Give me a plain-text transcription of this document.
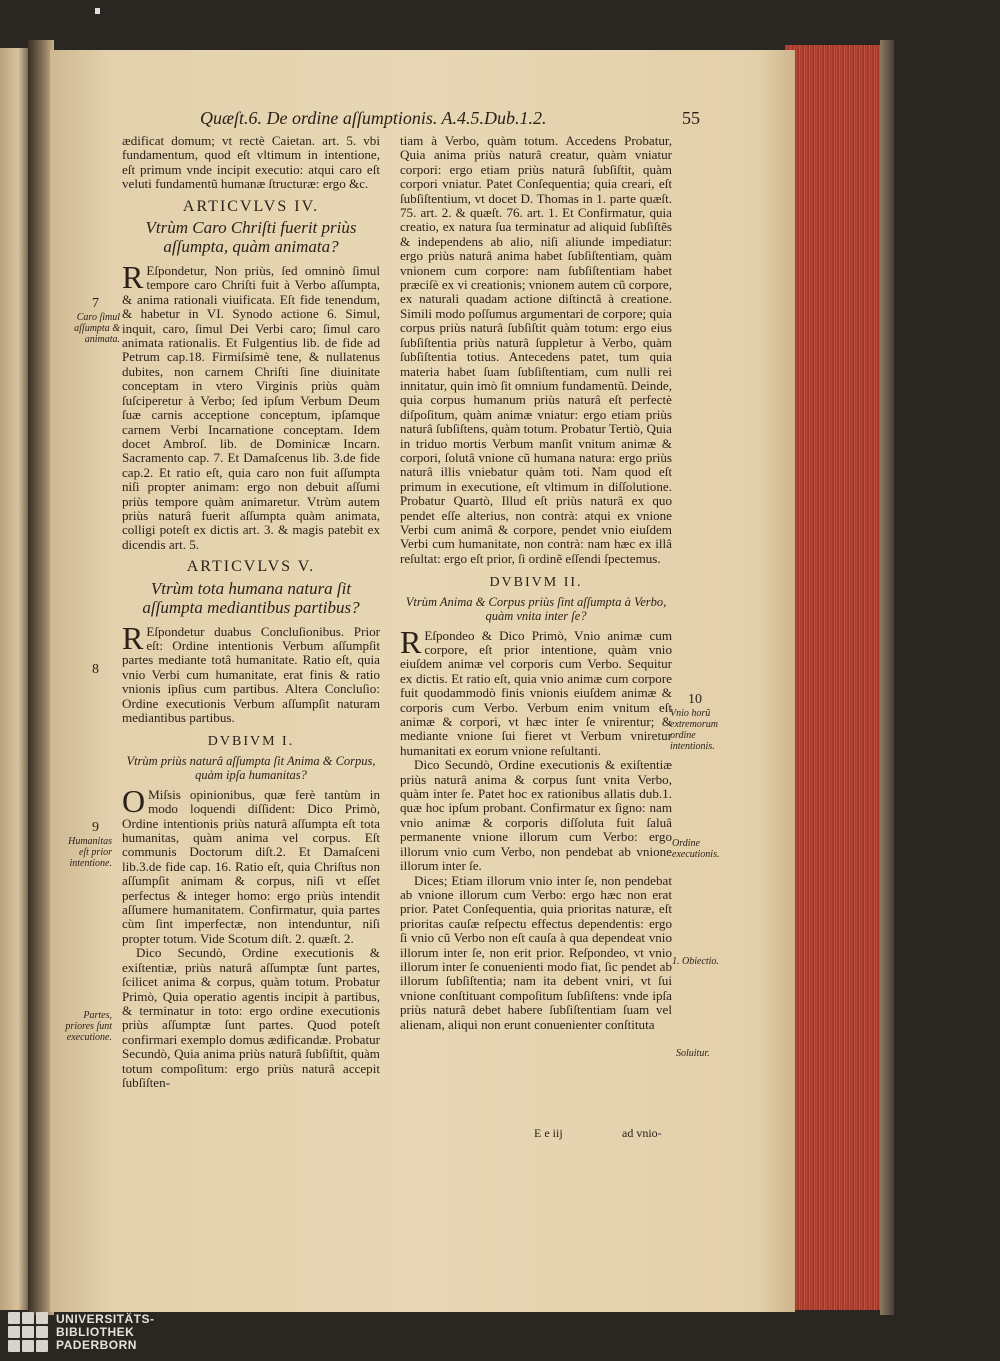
Quæſt.6. De ordine aſſumptionis. A.4.5.Dub.1.2.	55

ædificat domum; vt rectè Caietan. art. 5. vbi fundamentum, quod eſt vltimum in intentione, eſt primum vnde incipit executio: atqui caro eſt veluti fundamentũ humanæ ſtructuræ: ergo &c.

ARTICVLVS IV.
Vtrùm Caro Chriſti fuerit priùs aſſumpta, quàm animata?

REſpondetur, Non priùs, ſed omninò ſimul tempore caro Chriſti fuit à Verbo aſſumpta, & anima rationali viuificata. Eſt fide tenendum, & habetur in VI. Synodo actione 6. Simul, inquit, caro, ſimul Dei Verbi caro; ſimul caro animata rationalis. Et Fulgentius lib. de fide ad Petrum cap.18. Firmiſsimè tene, & nullatenus dubites, non carnem Chriſti ſine diuinitate conceptam in vtero Virginis priùs quàm ſuſciperetur à Verbo; ſed ipſum Verbum Deum ſuæ carnis acceptione conceptum, ipſamque carnem Verbi Incarnatione conceptam. Idem docet Ambroſ. lib. de Dominicæ Incarn. Sacramento cap. 7. Et Damaſcenus lib. 3.de fide cap.2. Et ratio eſt, quia caro non fuit aſſumpta niſi propter animam: ergo non debuit aſſumi priùs tempore quàm animaretur. Vtrùm autem priùs naturâ fuerit aſſumpta quàm animata, colligi poteſt ex dictis art. 3. & magis patebit ex dicendis art. 5.

ARTICVLVS V.
Vtrùm tota humana natura ſit aſſumpta mediantibus partibus?

REſpondetur duabus Concluſionibus. Prior eſt: Ordine intentionis Verbum aſſumpſit partes mediante totâ humanitate. Ratio eſt, quia vnio Verbi cum humanitate, erat finis & ratio vnionis ipſius cum partibus. Altera Concluſio: Ordine executionis Verbum aſſumpſit naturam mediantibus partibus.

DVBIVM I.
Vtrùm priùs naturâ aſſumpta ſit Anima & Corpus, quàm ipſa humanitas?

OMiſsis opinionibus, quæ ferè tantùm in modo loquendi diſſident: Dico Primò, Ordine intentionis priùs naturâ aſſumpta eſt tota humanitas, quàm anima vel corpus. Eſt communis Doctorum diſt.2. Et Damaſceni lib.3.de fide cap. 16. Ratio eſt, quia Chriſtus non aſſumpſit animam & corpus, niſi vt eſſet perfectus & integer homo: ergo priùs intendit aſſumere humanitatem. Confirmatur, quia partes cùm ſint imperfectæ, non intenduntur, niſi propter totum. Vide Scotum diſt. 2. quæſt. 2.

Dico Secundò, Ordine executionis & exiſtentiæ, priùs naturâ aſſumptæ ſunt partes, ſcilicet anima & corpus, quàm totum. Probatur Primò, Quia operatio agentis incipit à partibus, & terminatur in toto: ergo ordine executionis priùs aſſumptæ ſunt partes. Quod poteſt confirmari exemplo domus ædificandæ. Probatur Secundò, Quia anima priùs naturâ ſubſiſtit, quàm totum compoſitum: ergo priùs naturâ accepit ſubſiſten-

tiam à Verbo, quàm totum. Accedens Probatur, Quia anima priùs naturâ creatur, quàm vniatur corpori: ergo etiam priùs naturâ ſubſiſtit, quàm corpori vniatur. Patet Conſequentia; quia creari, eſt ſubſiſtentium, vt docet D. Thomas in 1. parte quæſt. 75. art. 2. & quæſt. 76. art. 1. Et Confirmatur, quia creatio, ex natura ſua terminatur ad aliquid ſubſiſtẽs & independens ab alio, niſi aliunde impediatur: ergo priùs naturâ anima habet ſubſiſtentiam, quàm vnionem cum corpore: nam ſubſiſtentiam habet præciſè ex vi creationis; vnionem autem cũ corpore, ex naturali quadam actione diſtinctâ à creatione. Simili modo poſſumus argumentari de corpore; quia corpus priùs naturâ ſubſiſtit quàm totum: ergo eius ſubſiſtentia priùs naturâ ſuppletur à Verbo, quàm ſubſiſtentia totius. Antecedens patet, tum quia materia habet ſuam ſubſiſtentiam, cum nulli rei innitatur, quin imò ſit omnium fundamentũ. Deinde, quia corpus humanum priùs naturâ eſt perfectè diſpoſitum, quàm animæ vniatur: ergo etiam priùs naturâ ſubſiſtens, quàm totum. Probatur Tertiò, Quia in triduo mortis Verbum manſit vnitum animæ & corpori, ſolutâ vnione cũ humana natura: ergo priùs naturâ illis vniebatur quàm toti. Nam quod eſt primum in executione, eſt vltimum in diſſolutione. Probatur Quartò, Illud eſt priùs naturâ ex quo pendet eſſe alterius, non contrà: atqui ex vnione Verbi cum animâ & corpore, pendet vnio eiuſdem Verbi cum humanitate, non contrà: nam hæc ex illâ reſultat: ergo eſt prior, ſi ordinẽ eſſendi ſpectemus.

DVBIVM II.
Vtrùm Anima & Corpus priùs ſint aſſumpta à Verbo, quàm vnita inter ſe?

REſpondeo & Dico Primò, Vnio animæ cum corpore, eſt prior intentione, quàm vnio eiuſdem animæ vel corporis cum Verbo. Sequitur ex dictis. Et ratio eſt, quia vnio animæ cum corpore fuit quodammodò finis vnionis eiuſdem animæ & corporis cum Verbo. Verbum enim vnitum eſt animæ & corpori, vt hæc inter ſe vnirentur; & mediante vnione ſui fieret vt Verbum vniretur humanitati ex eorum vnione reſultanti.

Dico Secundò, Ordine executionis & exiſtentiæ priùs naturâ anima & corpus ſunt vnita Verbo, quàm inter ſe. Patet hoc ex rationibus allatis dub.1. quæ hoc ipſum probant. Confirmatur ex ſigno: nam vnio animæ & corporis diſſoluta fuit ſaluâ permanente vnione illorum cum Verbo: ergo illorum vnio cum Verbo, non pendebat ab vnione illorum inter ſe.

Dices; Etiam illorum vnio inter ſe, non pendebat ab vnione illorum cum Verbo: ergo hæc non erat prior. Patet Conſequentia, quia prioritas naturæ, eſt prioritas cauſæ reſpectu effectus dependentis: ergo ſi vnio cũ Verbo non eſt cauſa à qua dependeat vnio illorum inter ſe, non erit prior. Reſpondeo, vt vnio illorum inter ſe conuenienti modo fiat, ſic pendet ab illorum ſubſiſtentia; nam ita debent vniri, vt ſui vnione conſtituant compoſitum ſubſiſtens: vnde ipſa priùs naturâ debet habere ſubſiſtentiam ſuam vel alienam, aliqui non erunt conuenienter conſtituta

7
Caro ſimul aſſumpta & animata.
8
9
Humanitas eſt prior intentione.
Partes, priores ſunt executione.
10
Vnio horũ extremorum ordine intentionis.
Ordine executionis.
1. Obiectio.
Soluitur.
E e iij	ad vnio-
UNIVERSITÄTS-
BIBLIOTHEK
PADERBORN
